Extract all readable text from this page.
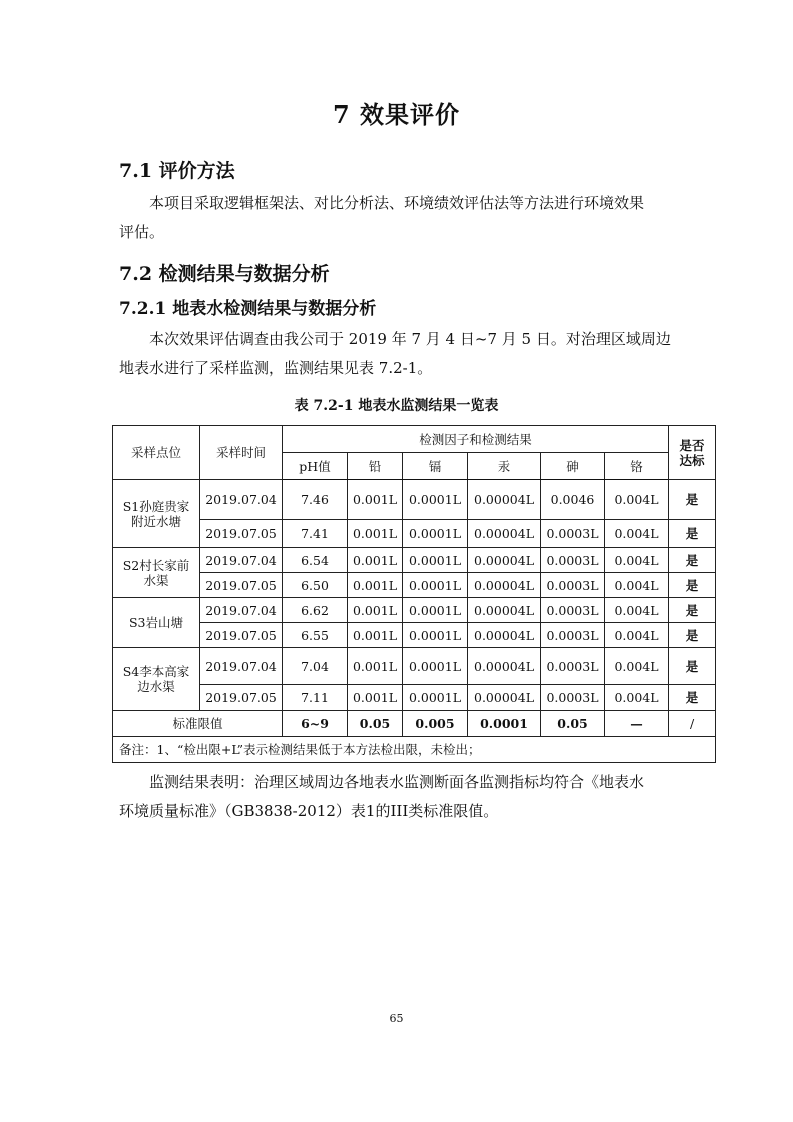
7 效果评价
7.1 评价方法
本项目采取逻辑框架法、对比分析法、环境绩效评估法等方法进行环境效果
评估。
7.2 检测结果与数据分析
7.2.1 地表水检测结果与数据分析
本次效果评估调查由我公司于 2019 年 7 月 4 日~7 月 5 日。对治理区域周边
地表水进行了采样监测，监测结果见表 7.2-1。
表 7.2-1 地表水监测结果一览表
采样点位	采样时间	检测因子和检测结果						是否
达标

		pH值	铅	镉	汞	砷	铬	

S1孙庭贵家
附近水塘	2019.07.04	7.46	0.001L	0.0001L	0.00004L	0.0046	0.004L	是
	2019.07.05	7.41	0.001L	0.0001L	0.00004L	0.0003L	0.004L	是

S2村长家前
水渠	2019.07.04	6.54	0.001L	0.0001L	0.00004L	0.0003L	0.004L	是
	2019.07.05	6.50	0.001L	0.0001L	0.00004L	0.0003L	0.004L	是

S3岩山塘	2019.07.04	6.62	0.001L	0.0001L	0.00004L	0.0003L	0.004L	是
	2019.07.05	6.55	0.001L	0.0001L	0.00004L	0.0003L	0.004L	是

S4李本高家
边水渠	2019.07.04	7.04	0.001L	0.0001L	0.00004L	0.0003L	0.004L	是
	2019.07.05	7.11	0.001L	0.0001L	0.00004L	0.0003L	0.004L	是
标准限值		6~9	0.05	0.005	0.0001	0.05	—	/
备注：1、“检出限+L”表示检测结果低于本方法检出限，未检出；								
监测结果表明：治理区域周边各地表水监测断面各监测指标均符合《地表水
环境质量标准》（GB3838-2012）表1的III类标准限值。
65
